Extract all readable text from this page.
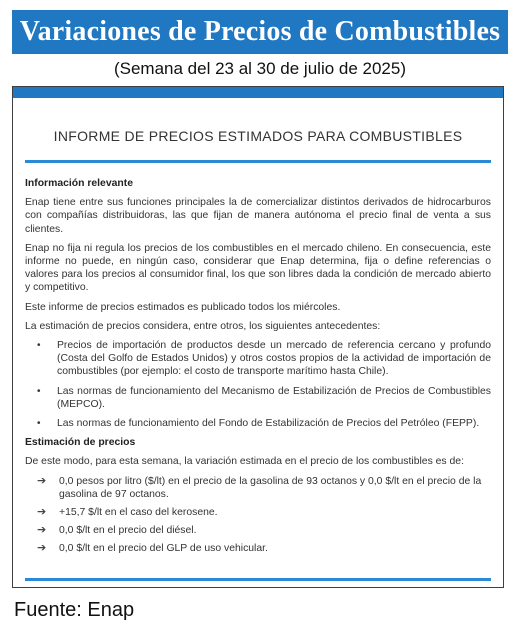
Variaciones de Precios de Combustibles
(Semana del 23 al 30 de julio de 2025)
INFORME DE PRECIOS ESTIMADOS PARA COMBUSTIBLES

Información relevante

Enap tiene entre sus funciones principales la de comercializar distintos derivados de hidrocarburos con compañías distribuidoras, las que fijan de manera autónoma el precio final de venta a sus clientes.

Enap no fija ni regula los precios de los combustibles en el mercado chileno. En consecuencia, este informe no puede, en ningún caso, considerar que Enap determina, fija o define referencias o valores para los precios al consumidor final, los que son libres dada la condición de mercado abierto y competitivo.

Este informe de precios estimados es publicado todos los miércoles.

La estimación de precios considera, entre otros, los siguientes antecedentes:

• Precios de importación de productos desde un mercado de referencia cercano y profundo (Costa del Golfo de Estados Unidos) y otros costos propios de la actividad de importación de combustibles (por ejemplo: el costo de transporte marítimo hasta Chile).
• Las normas de funcionamiento del Mecanismo de Estabilización de Precios de Combustibles (MEPCO).
• Las normas de funcionamiento del Fondo de Estabilización de Precios del Petróleo (FEPP).

Estimación de precios

De este modo, para esta semana, la variación estimada en el precio de los combustibles es de:

➔ 0,0 pesos por litro ($/lt) en el precio de la gasolina de 93 octanos y 0,0 $/lt en el precio de la gasolina de 97 octanos.
➔ +15,7 $/lt en el caso del kerosene.
➔ 0,0 $/lt en el precio del diésel.
➔ 0,0 $/lt en el precio del GLP de uso vehicular.
Fuente: Enap
